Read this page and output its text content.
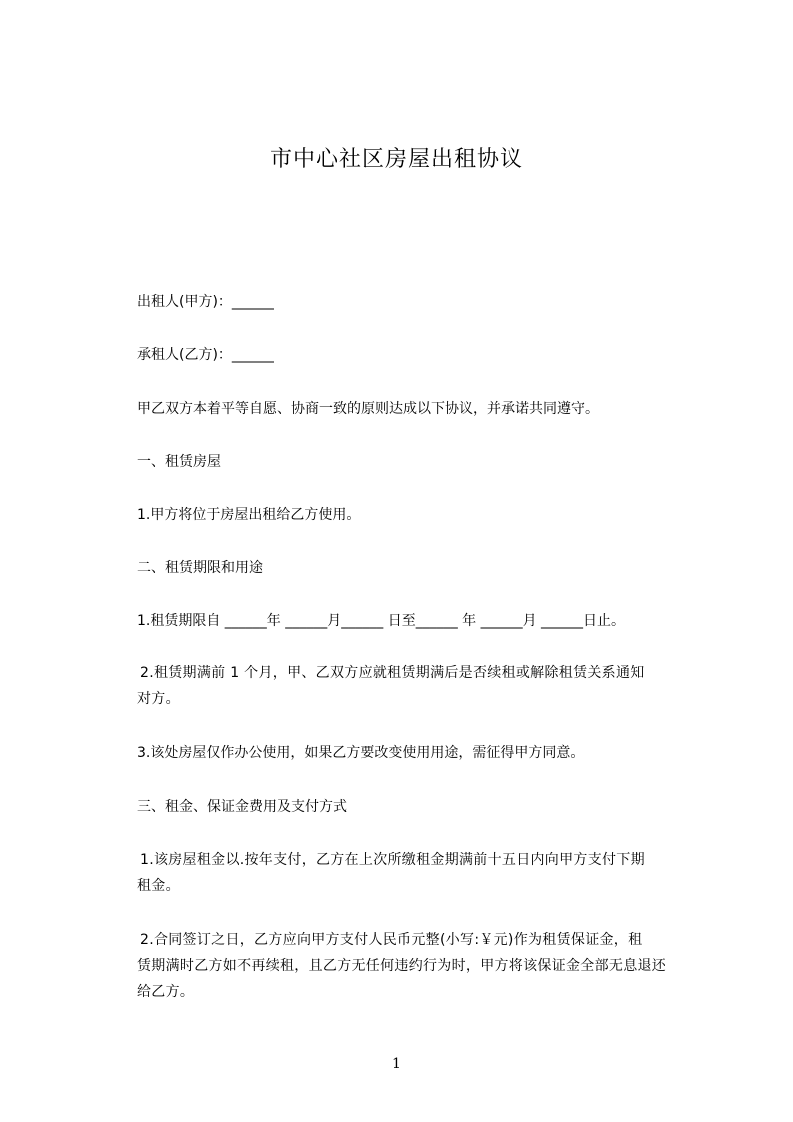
市中心社区房屋出租协议
出租人(甲方)：______
承租人(乙方)：______
甲乙双方本着平等自愿、协商一致的原则达成以下协议，并承诺共同遵守。
一、租赁房屋
1.甲方将位于房屋出租给乙方使用。
二、租赁期限和用途
1.租赁期限自 ______年 ______月______ 日至______ 年 ______月 ______日止。
2.租赁期满前 1 个月，甲、乙双方应就租赁期满后是否续租或解除租赁关系通知
对方。
3.该处房屋仅作办公使用，如果乙方要改变使用用途，需征得甲方同意。
三、租金、保证金费用及支付方式
1.该房屋租金以.按年支付，乙方在上次所缴租金期满前十五日内向甲方支付下期
租金。
2.合同签订之日，乙方应向甲方支付人民币元整(小写:￥元)作为租赁保证金，租
赁期满时乙方如不再续租，且乙方无任何违约行为时，甲方将该保证金全部无息退还
给乙方。
1
